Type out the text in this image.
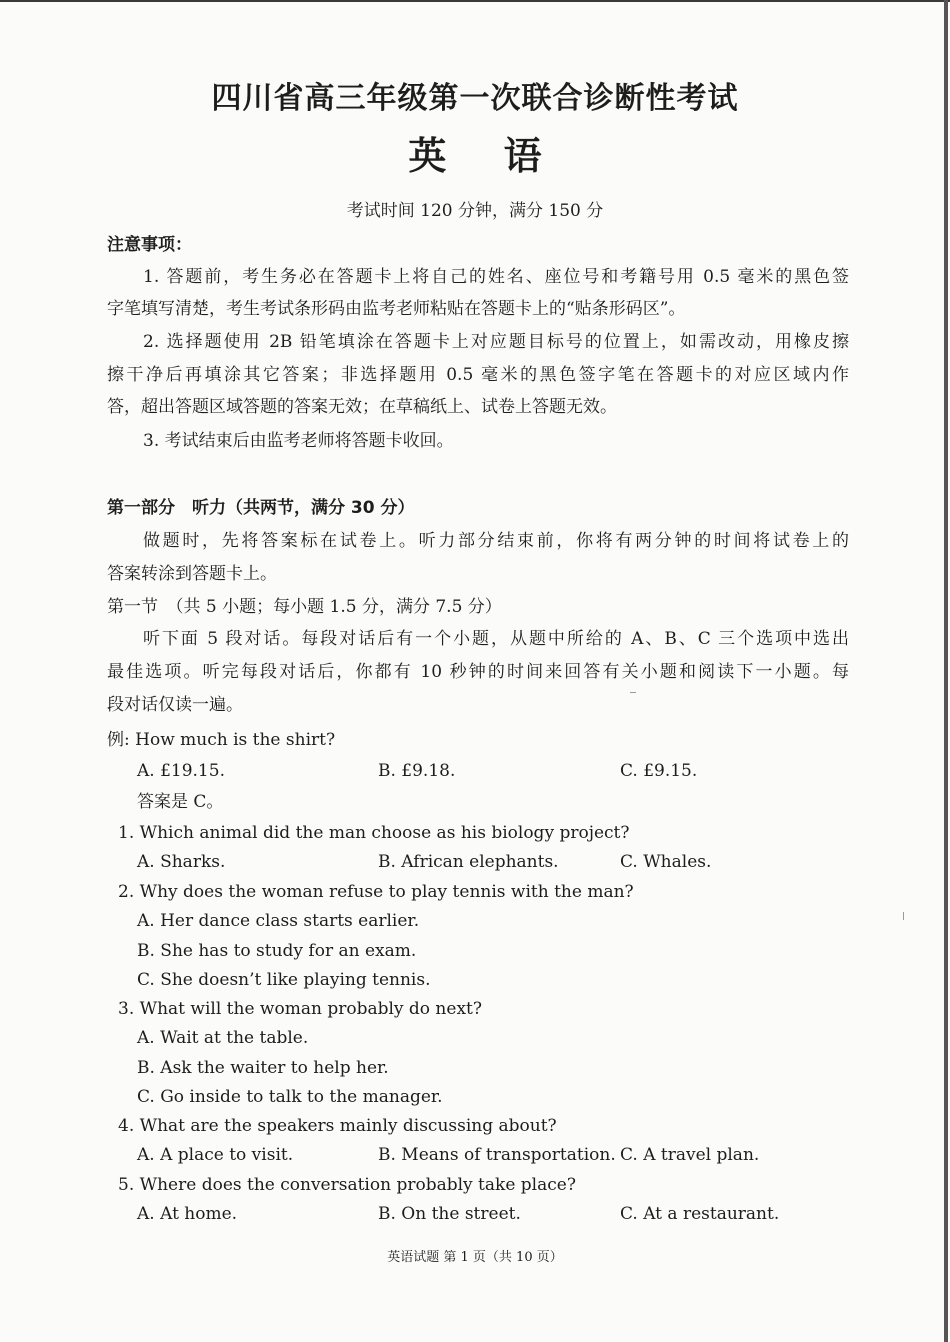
四川省高三年级第一次联合诊断性考试
英 语
考试时间 120 分钟，满分 150 分
注意事项：
1. 答题前，考生务必在答题卡上将自己的姓名、座位号和考籍号用 0.5 毫米的黑色签
字笔填写清楚，考生考试条形码由监考老师粘贴在答题卡上的“贴条形码区”。
2. 选择题使用 2B 铅笔填涂在答题卡上对应题目标号的位置上，如需改动，用橡皮擦
擦干净后再填涂其它答案；非选择题用 0.5 毫米的黑色签字笔在答题卡的对应区域内作
答，超出答题区域答题的答案无效；在草稿纸上、试卷上答题无效。
3. 考试结束后由监考老师将答题卡收回。
第一部分　听力（共两节，满分 30 分）
做题时，先将答案标在试卷上。听力部分结束前，你将有两分钟的时间将试卷上的
答案转涂到答题卡上。
第一节　（共 5 小题；每小题 1.5 分，满分 7.5 分）
听下面 5 段对话。每段对话后有一个小题，从题中所给的 A、B、C 三个选项中选出
最佳选项。听完每段对话后，你都有 10 秒钟的时间来回答有关小题和阅读下一小题。每
段对话仅读一遍。
例: How much is the shirt?
A. £19.15.	B. £9.18.	C. £9.15.
答案是 C。
1. Which animal did the man choose as his biology project?
A. Sharks.	B. African elephants.	C. Whales.
2. Why does the woman refuse to play tennis with the man?
A. Her dance class starts earlier.
B. She has to study for an exam.
C. She doesn’t like playing tennis.
3. What will the woman probably do next?
A. Wait at the table.
B. Ask the waiter to help her.
C. Go inside to talk to the manager.
4. What are the speakers mainly discussing about?
A. A place to visit.	B. Means of transportation. C. A travel plan.
5. Where does the conversation probably take place?
A. At home.	B. On the street.	C. At a restaurant.
英语试题 第 1 页（共 10 页）
